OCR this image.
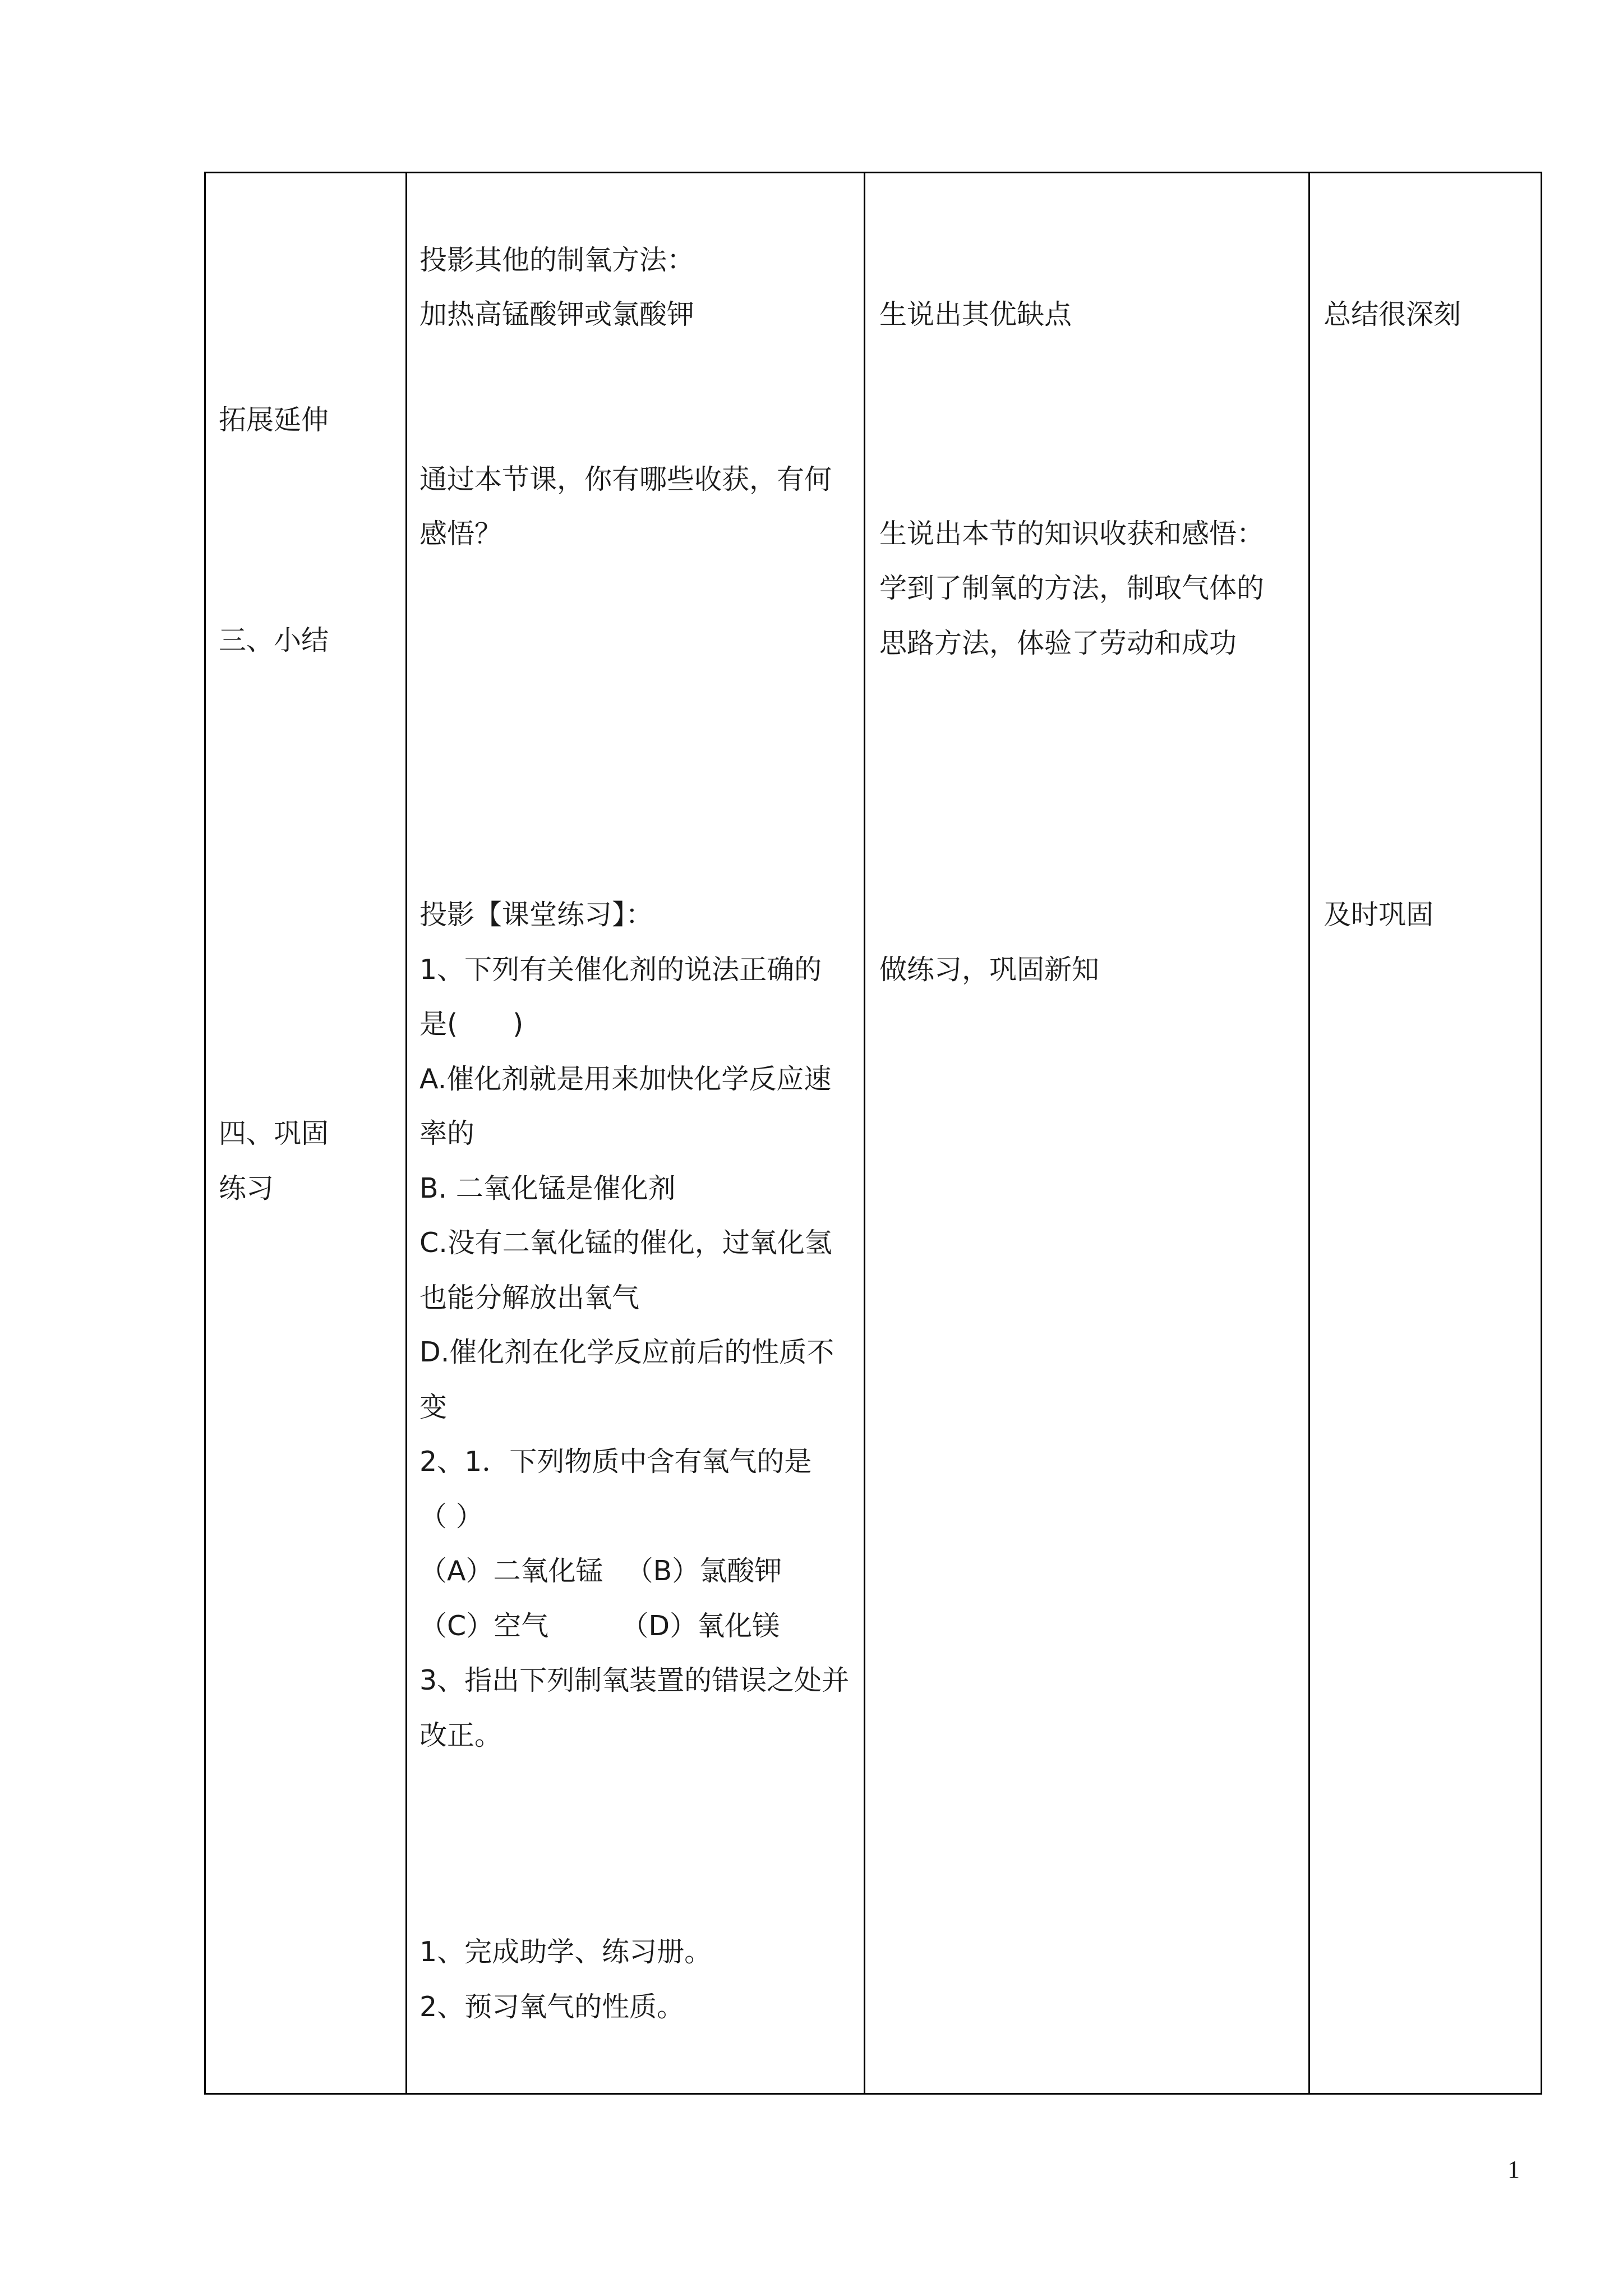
拓展延伸
三、小结
四、巩固
练习
投影其他的制氧方法：
加热高锰酸钾或氯酸钾
通过本节课，你有哪些收获，有何
感悟？
投影【课堂练习】：
1、下列有关催化剂的说法正确的
是(　　)
A.催化剂就是用来加快化学反应速
率的
B. 二氧化锰是催化剂
C.没有二氧化锰的催化，过氧化氢
也能分解放出氧气
D.催化剂在化学反应前后的性质不
变
2、1．下列物质中含有氧气的是
（ ）
（A）二氧化锰 　（B）氯酸钾
（C）空气 　　 （D）氧化镁
3、指出下列制氧装置的错误之处并
改正。
1、完成助学、练习册。
2、预习氧气的性质。
生说出其优缺点
生说出本节的知识收获和感悟：
学到了制氧的方法，制取气体的
思路方法，体验了劳动和成功
做练习，巩固新知
总结很深刻
及时巩固
1
